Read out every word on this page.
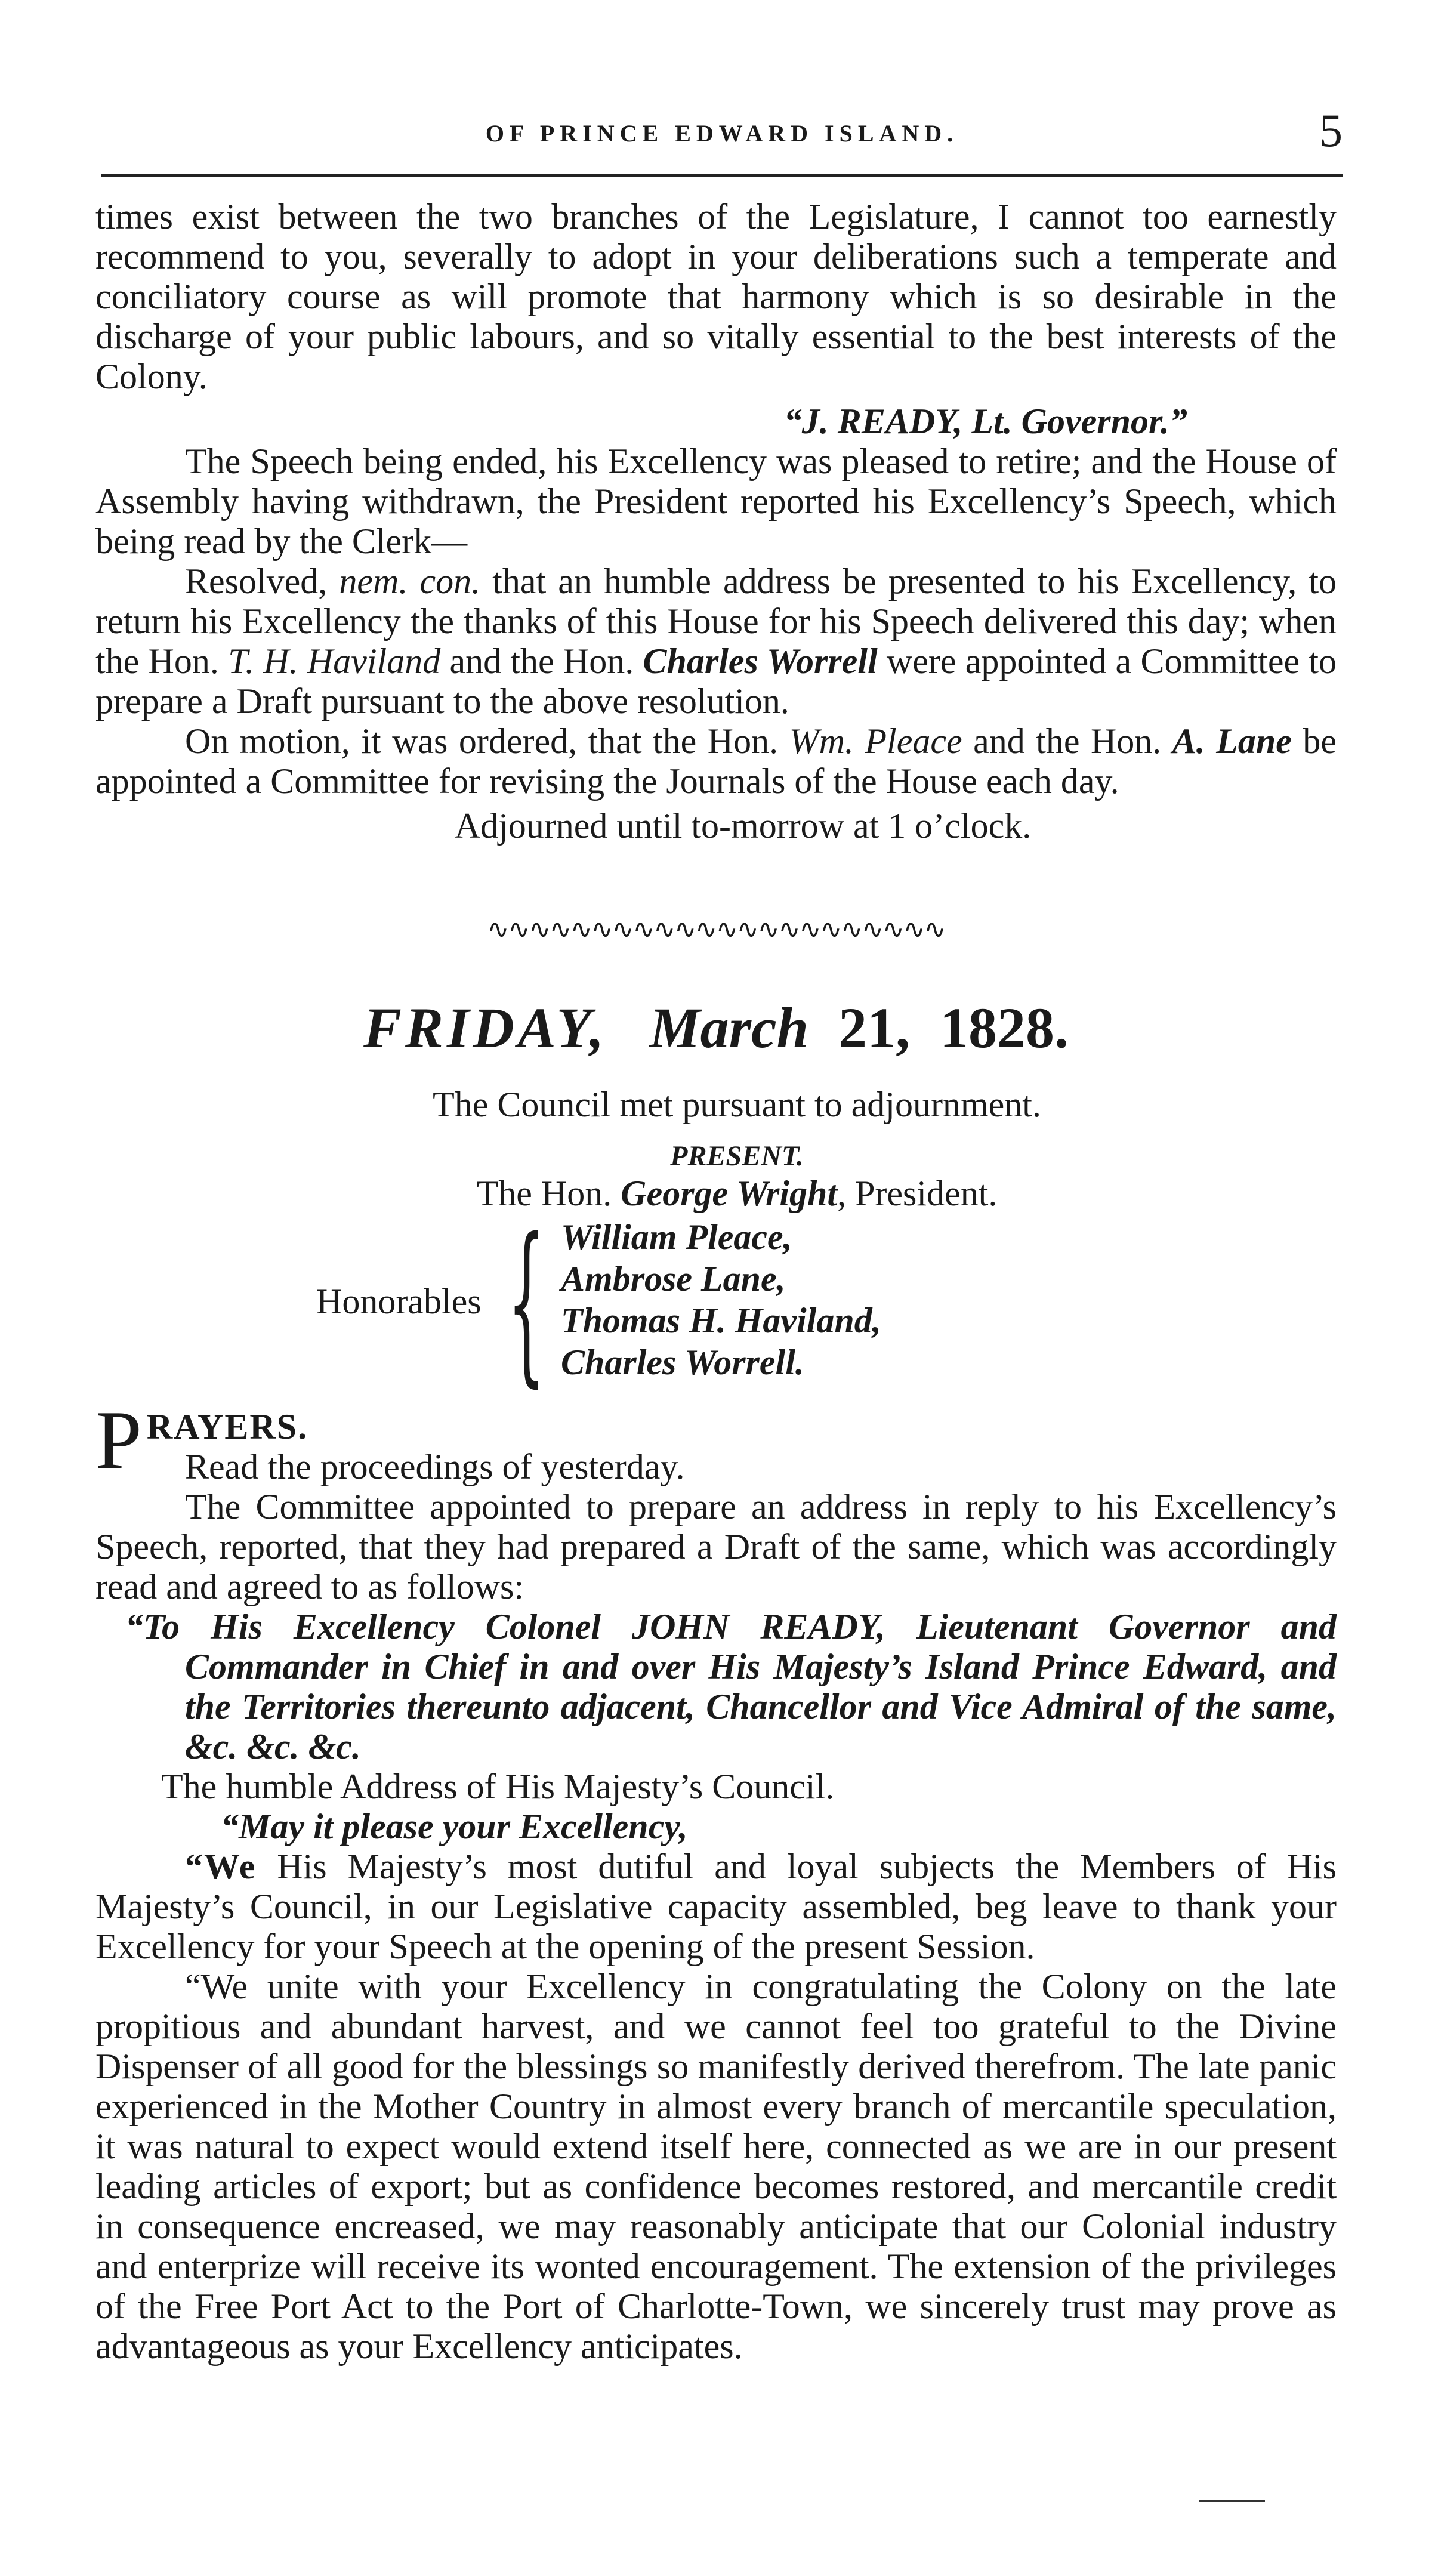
OF PRINCE EDWARD ISLAND.	5

times exist between the two branches of the Legislature, I cannot too earnestly recommend to you, severally to adopt in your deliberations such a temperate and conciliatory course as will promote that harmony which is so desirable in the discharge of your public labours, and so vitally essential to the best interests of the Colony.

“J. READY, Lt. Governor.”

The Speech being ended, his Excellency was pleased to retire; and the House of Assembly having withdrawn, the President reported his Excellency’s Speech, which being read by the Clerk—

Resolved, nem. con. that an humble address be presented to his Excellency, to return his Excellency the thanks of this House for his Speech delivered this day; when the Hon. T. H. Haviland and the Hon. Charles Worrell were appointed a Committee to prepare a Draft pursuant to the above resolution.

On motion, it was ordered, that the Hon. Wm. Pleace and the Hon. A. Lane be appointed a Committee for revising the Journals of the House each day.

Adjourned until to-morrow at 1 o’clock.

∿∿∿∿∿∿∿∿∿∿∿∿∿∿∿∿∿∿∿∿∿∿
FRIDAY, March 21, 1828.

The Council met pursuant to adjournment.

PRESENT.

The Hon. George Wright, President.

Honorables { William Pleace,
Ambrose Lane,
Thomas H. Haviland,
Charles Worrell.
P RAYERS.

Read the proceedings of yesterday.

The Committee appointed to prepare an address in reply to his Excellency’s Speech, reported, that they had prepared a Draft of the same, which was accordingly read and agreed to as follows:

“To His Excellency Colonel JOHN READY, Lieutenant Governor and Commander in Chief in and over His Majesty’s Island Prince Edward, and the Territories thereunto adjacent, Chancellor and Vice Admiral of the same, &c. &c. &c.

The humble Address of His Majesty’s Council.

“May it please your Excellency,

“We His Majesty’s most dutiful and loyal subjects the Members of His Majesty’s Council, in our Legislative capacity assembled, beg leave to thank your Excellency for your Speech at the opening of the present Session.

“We unite with your Excellency in congratulating the Colony on the late propitious and abundant harvest, and we cannot feel too grateful to the Divine Dispenser of all good for the blessings so manifestly derived therefrom. The late panic experienced in the Mother Country in almost every branch of mercantile speculation, it was natural to expect would extend itself here, connected as we are in our present leading articles of export; but as confidence becomes restored, and mercantile credit in consequence encreased, we may reasonably anticipate that our Colonial industry and enterprize will receive its wonted encouragement. The extension of the privileges of the Free Port Act to the Port of Charlotte-Town, we sincerely trust may prove as advantageous as your Excellency anticipates.
